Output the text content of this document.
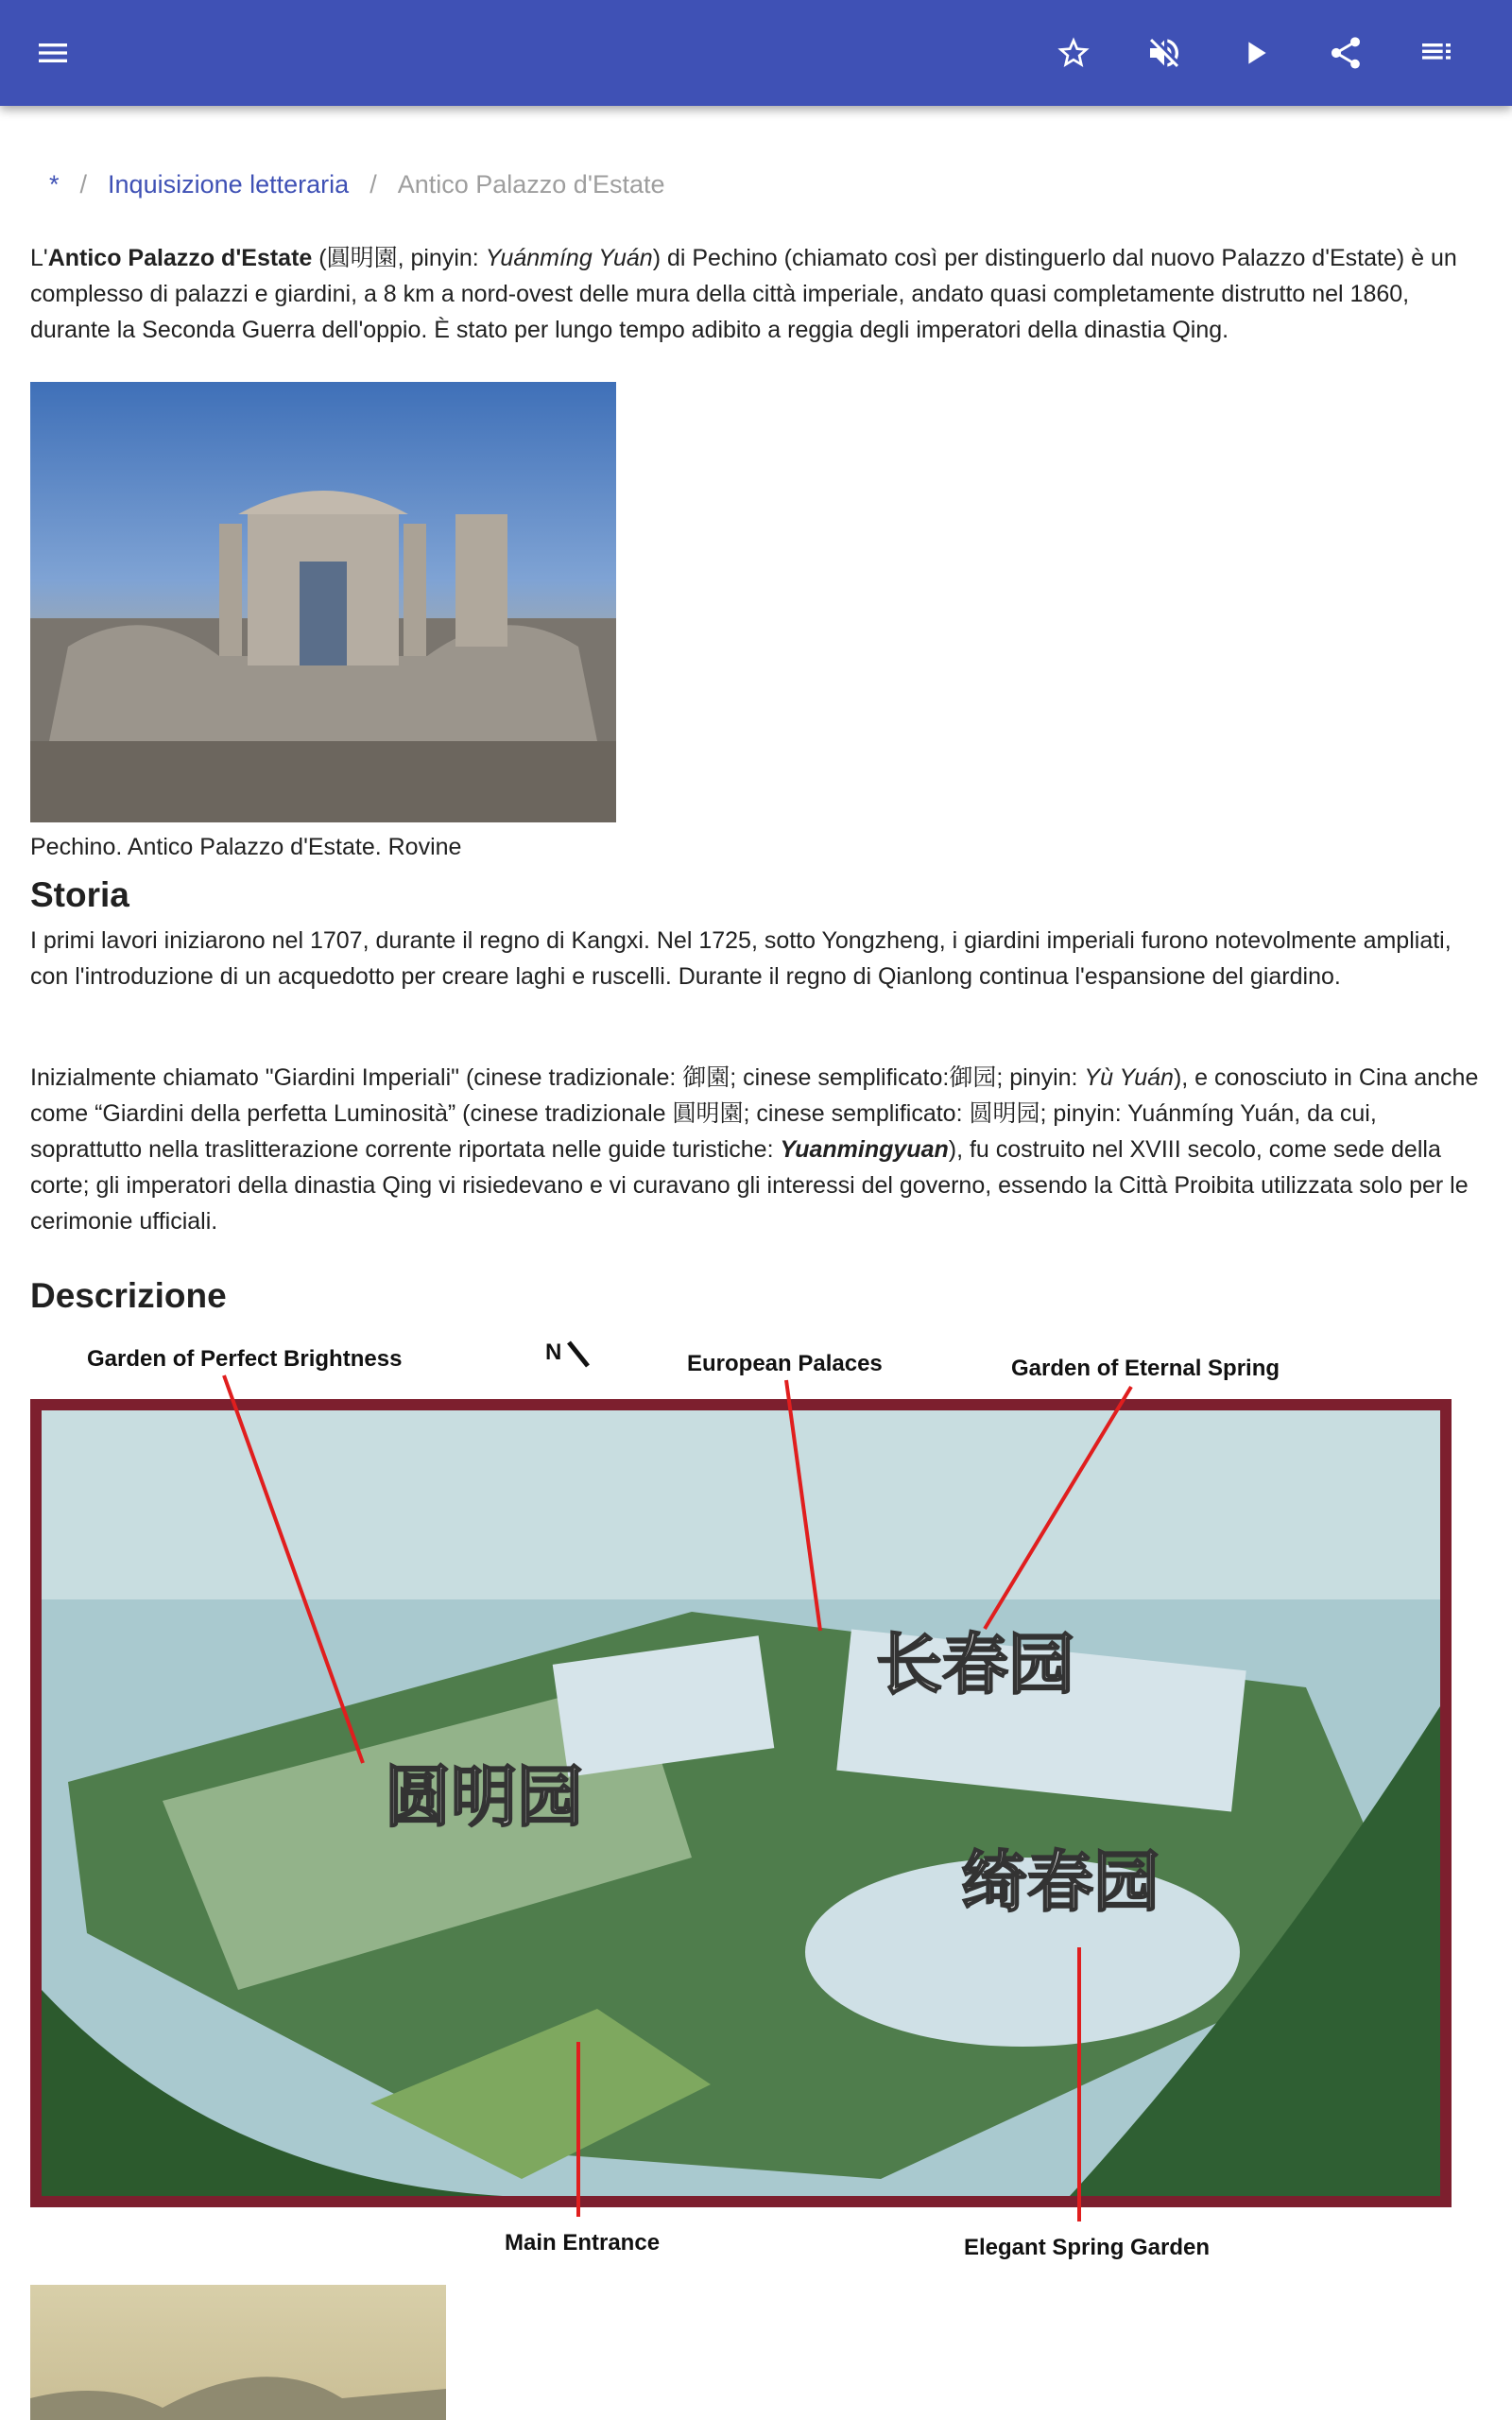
* / Inquisizione letteraria / Antico Palazzo d'Estate

L'Antico Palazzo d'Estate (圓明園, pinyin: Yuánmíng Yuán) di Pechino (chiamato così per distinguerlo dal nuovo Palazzo d'Estate) è un complesso di palazzi e giardini, a 8 km a nord-ovest delle mura della città imperiale, andato quasi completamente distrutto nel 1860, durante la Seconda Guerra dell'oppio. È stato per lungo tempo adibito a reggia degli imperatori della dinastia Qing.

Pechino. Antico Palazzo d'Estate. Rovine
Storia

I primi lavori iniziarono nel 1707, durante il regno di Kangxi. Nel 1725, sotto Yongzheng, i giardini imperiali furono notevolmente ampliati, con l'introduzione di un acquedotto per creare laghi e ruscelli. Durante il regno di Qianlong continua l'espansione del giardino.

Inizialmente chiamato "Giardini Imperiali" (cinese tradizionale: 御園; cinese semplificato:御园; pinyin: Yù Yuán), e conosciuto in Cina anche come “Giardini della perfetta Luminosità” (cinese tradizionale 圓明園; cinese semplificato: 圆明园; pinyin: Yuánmíng Yuán, da cui, soprattutto nella traslitterazione corrente riportata nelle guide turistiche: Yuanmingyuan), fu costruito nel XVIII secolo, come sede della corte; gli imperatori della dinastia Qing vi risiedevano e vi curavano gli interessi del governo, essendo la Città Proibita utilizzata solo per le cerimonie ufficiali.

Descrizione
长春园
圆明园
绮春园
Garden of Perfect Brightness	N	European Palaces	Garden of Eternal Spring
Main Entrance	Elegant Spring Garden
